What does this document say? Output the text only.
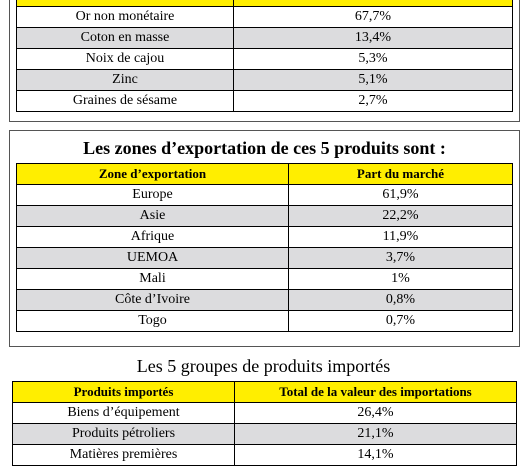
Or non monétaire	67,7%
Coton en masse	13,4%
Noix de cajou	5,3%
Zinc	5,1%
Graines de sésame	2,7%
Les zones d’exportation de ces 5 produits sont :
Zone d’exportation	Part du marché
Europe	61,9%
Asie	22,2%
Afrique	11,9%
UEMOA	3,7%
Mali	1%
Côte d’Ivoire	0,8%
Togo	0,7%
Les 5 groupes de produits importés
Produits importés	Total de la valeur des importations
Biens d’équipement	26,4%
Produits pétroliers	21,1%
Matières premières	14,1%
